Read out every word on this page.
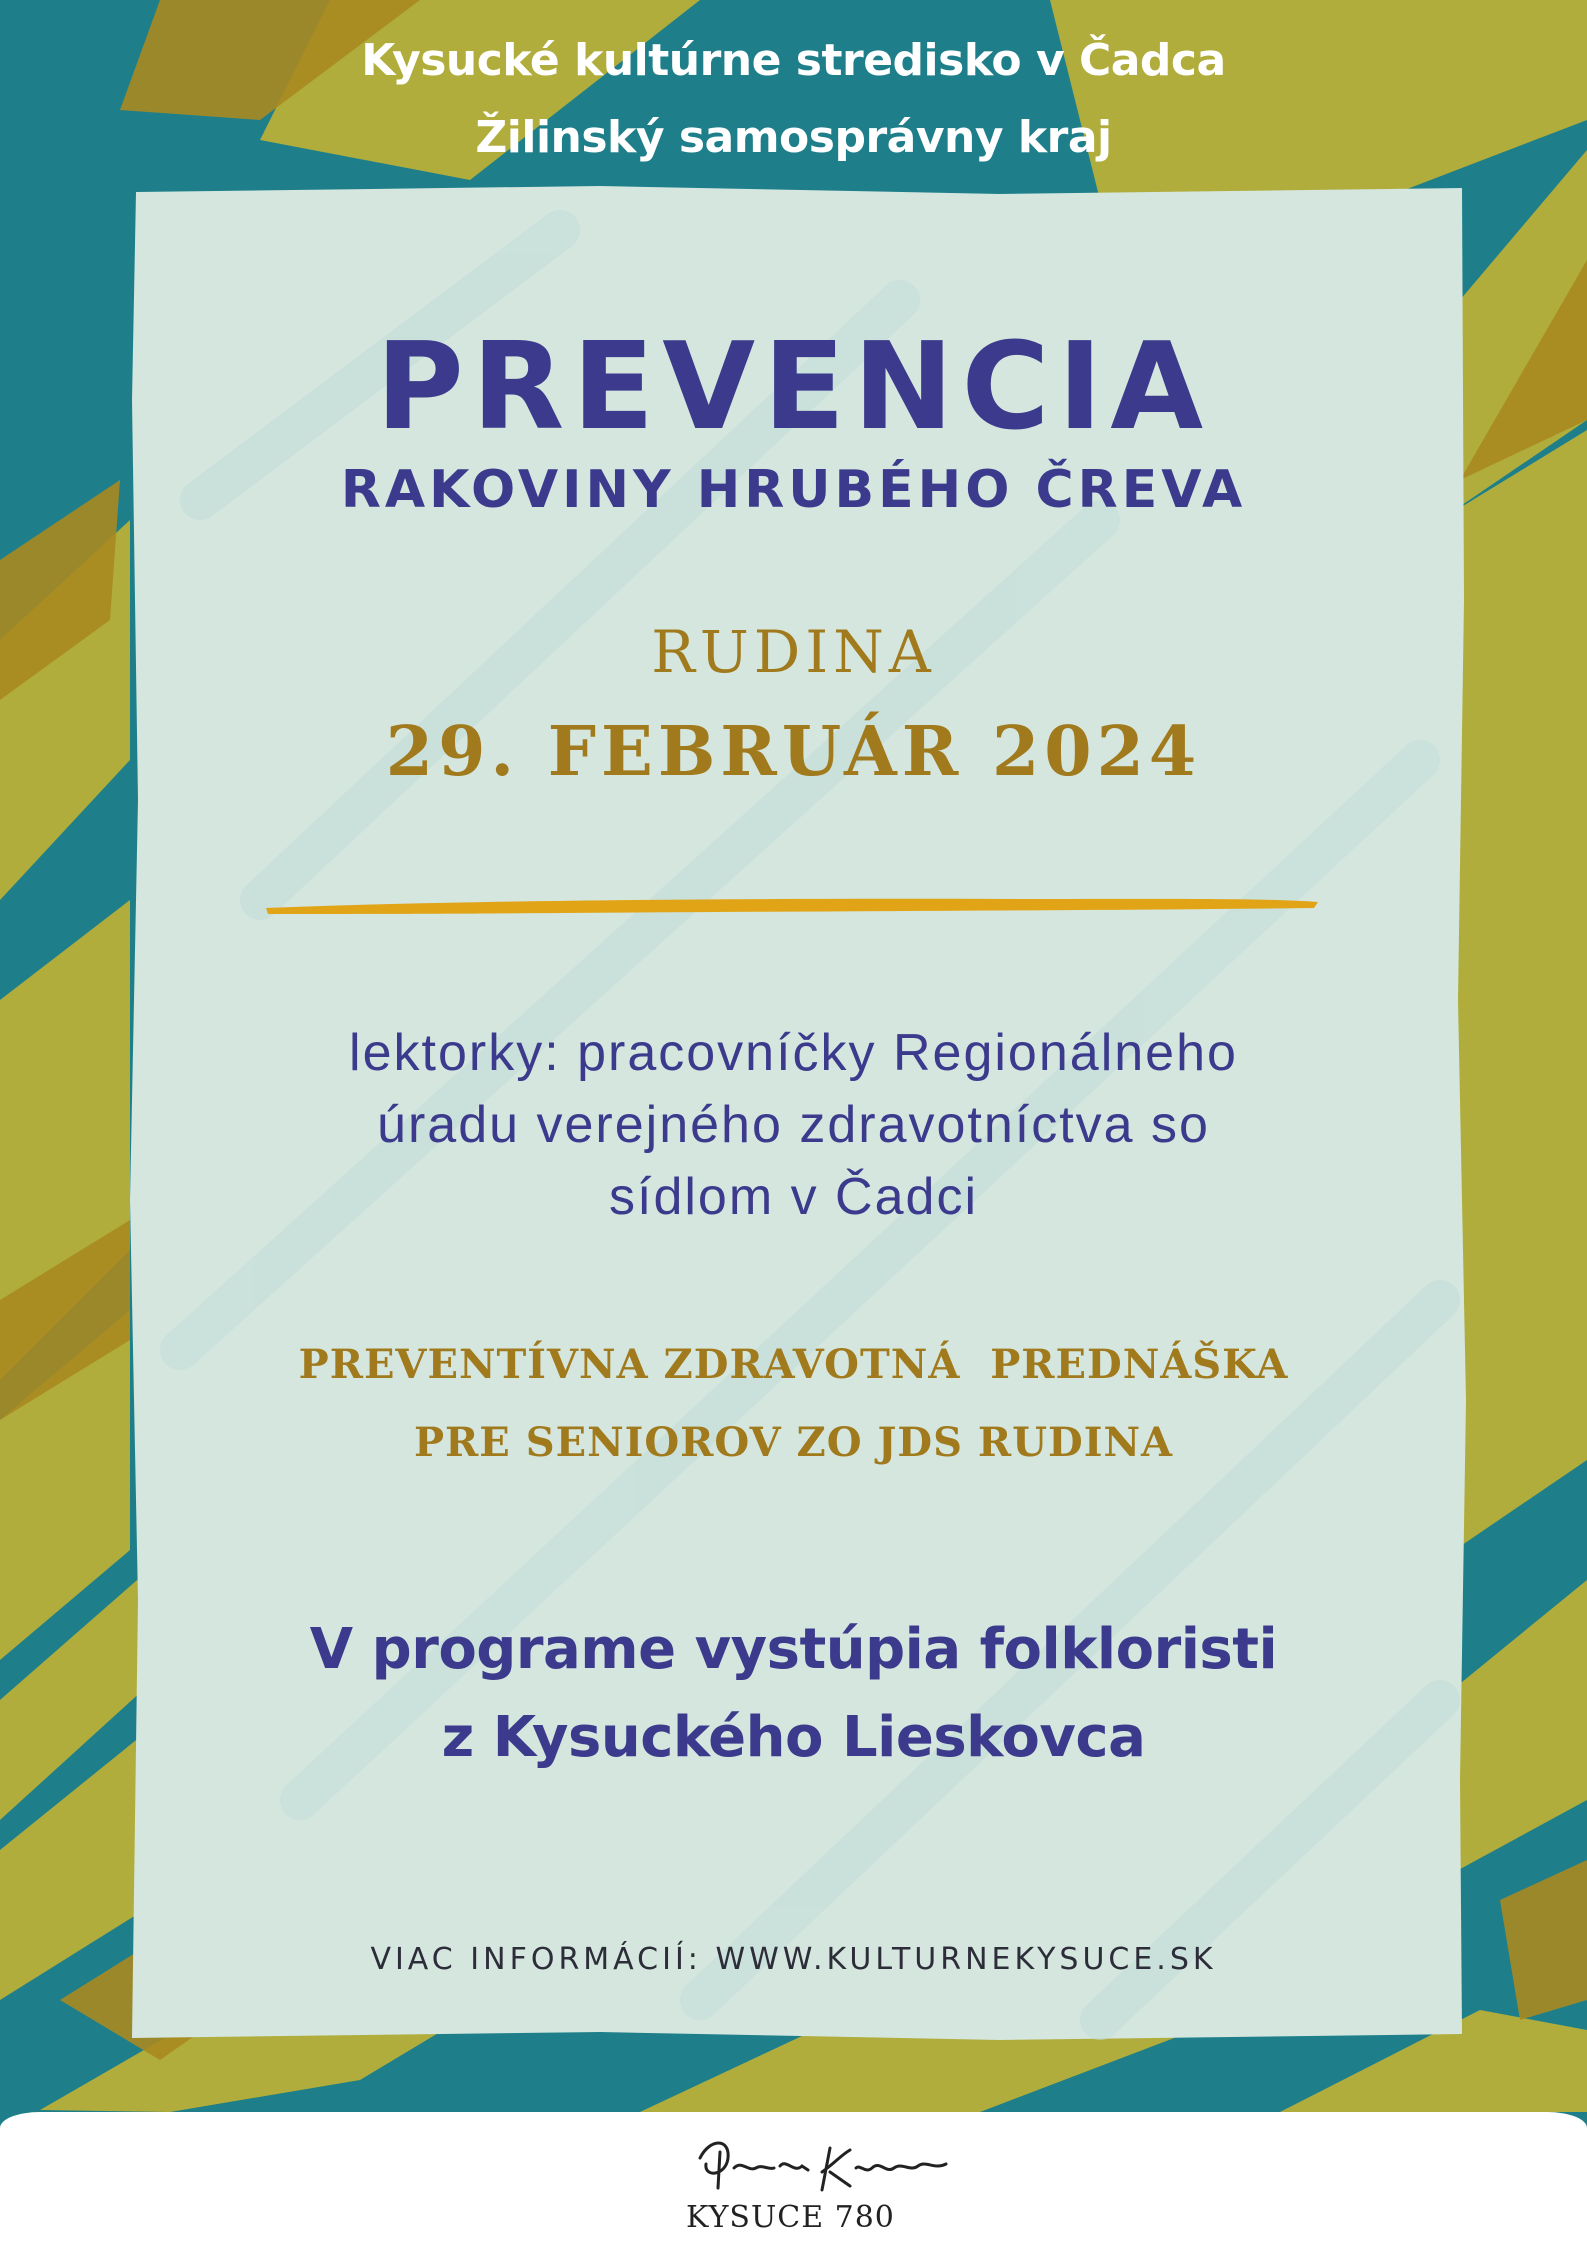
Kysucké kultúrne stredisko v Čadca
Žilinský samosprávny kraj
PREVENCIA
RAKOVINY HRUBÉHO ČREVA
RUDINA
29. FEBRUÁR 2024
lektorky: pracovníčky Regionálneho
úradu verejného zdravotníctva so
sídlom v Čadci
PREVENTÍVNA ZDRAVOTNÁ  PREDNÁŠKA
PRE SENIOROV ZO JDS RUDINA
V programe vystúpia folkloristi
z Kysuckého Lieskovca
VIAC INFORMÁCIÍ: WWW.KULTURNEKYSUCE.SK
KYSUCE 780
